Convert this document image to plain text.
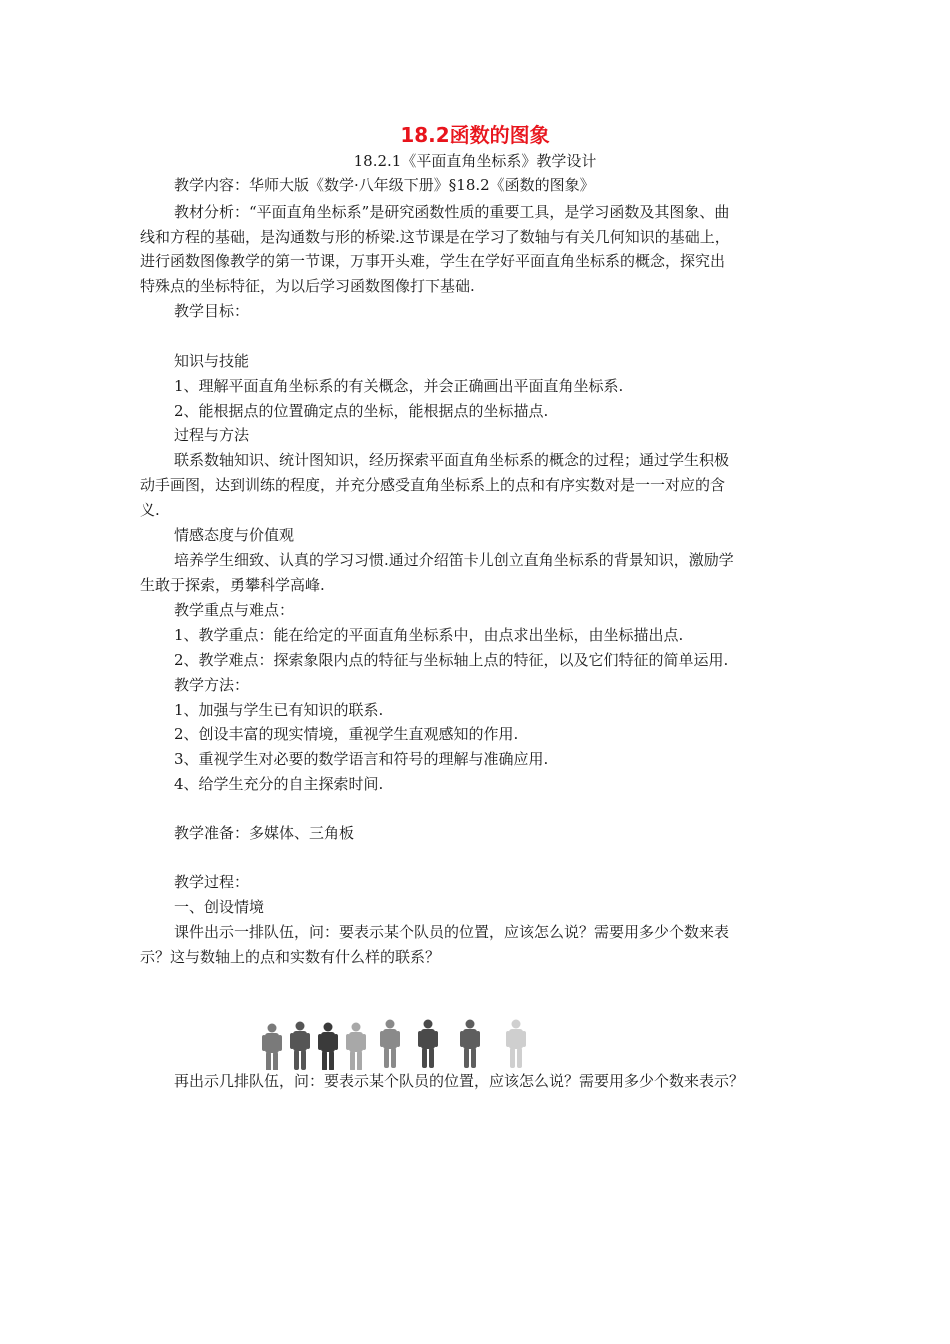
18.2函数的图象
18.2.1《平面直角坐标系》教学设计
教学内容：华师大版《数学·八年级下册》§18.2《函数的图象》
教材分析：“平面直角坐标系”是研究函数性质的重要工具，是学习函数及其图象、曲
线和方程的基础，是沟通数与形的桥梁.这节课是在学习了数轴与有关几何知识的基础上，
进行函数图像教学的第一节课，万事开头难，学生在学好平面直角坐标系的概念，探究出
特殊点的坐标特征，为以后学习函数图像打下基础.
教学目标：
知识与技能
1、理解平面直角坐标系的有关概念，并会正确画出平面直角坐标系.
2、能根据点的位置确定点的坐标，能根据点的坐标描点.
过程与方法
联系数轴知识、统计图知识，经历探索平面直角坐标系的概念的过程；通过学生积极
动手画图，达到训练的程度，并充分感受直角坐标系上的点和有序实数对是一一对应的含
义.
情感态度与价值观
培养学生细致、认真的学习习惯.通过介绍笛卡儿创立直角坐标系的背景知识，激励学
生敢于探索，勇攀科学高峰.
教学重点与难点：
1、教学重点：能在给定的平面直角坐标系中，由点求出坐标，由坐标描出点.
2、教学难点：探索象限内点的特征与坐标轴上点的特征，以及它们特征的简单运用.
教学方法：
1、加强与学生已有知识的联系.
2、创设丰富的现实情境，重视学生直观感知的作用.
3、重视学生对必要的数学语言和符号的理解与准确应用.
4、给学生充分的自主探索时间.
教学准备：多媒体、三角板
教学过程：
一、创设情境
课件出示一排队伍，问：要表示某个队员的位置，应该怎么说？需要用多少个数来表
示？这与数轴上的点和实数有什么样的联系？
再出示几排队伍，问：要表示某个队员的位置，应该怎么说？需要用多少个数来表示？
